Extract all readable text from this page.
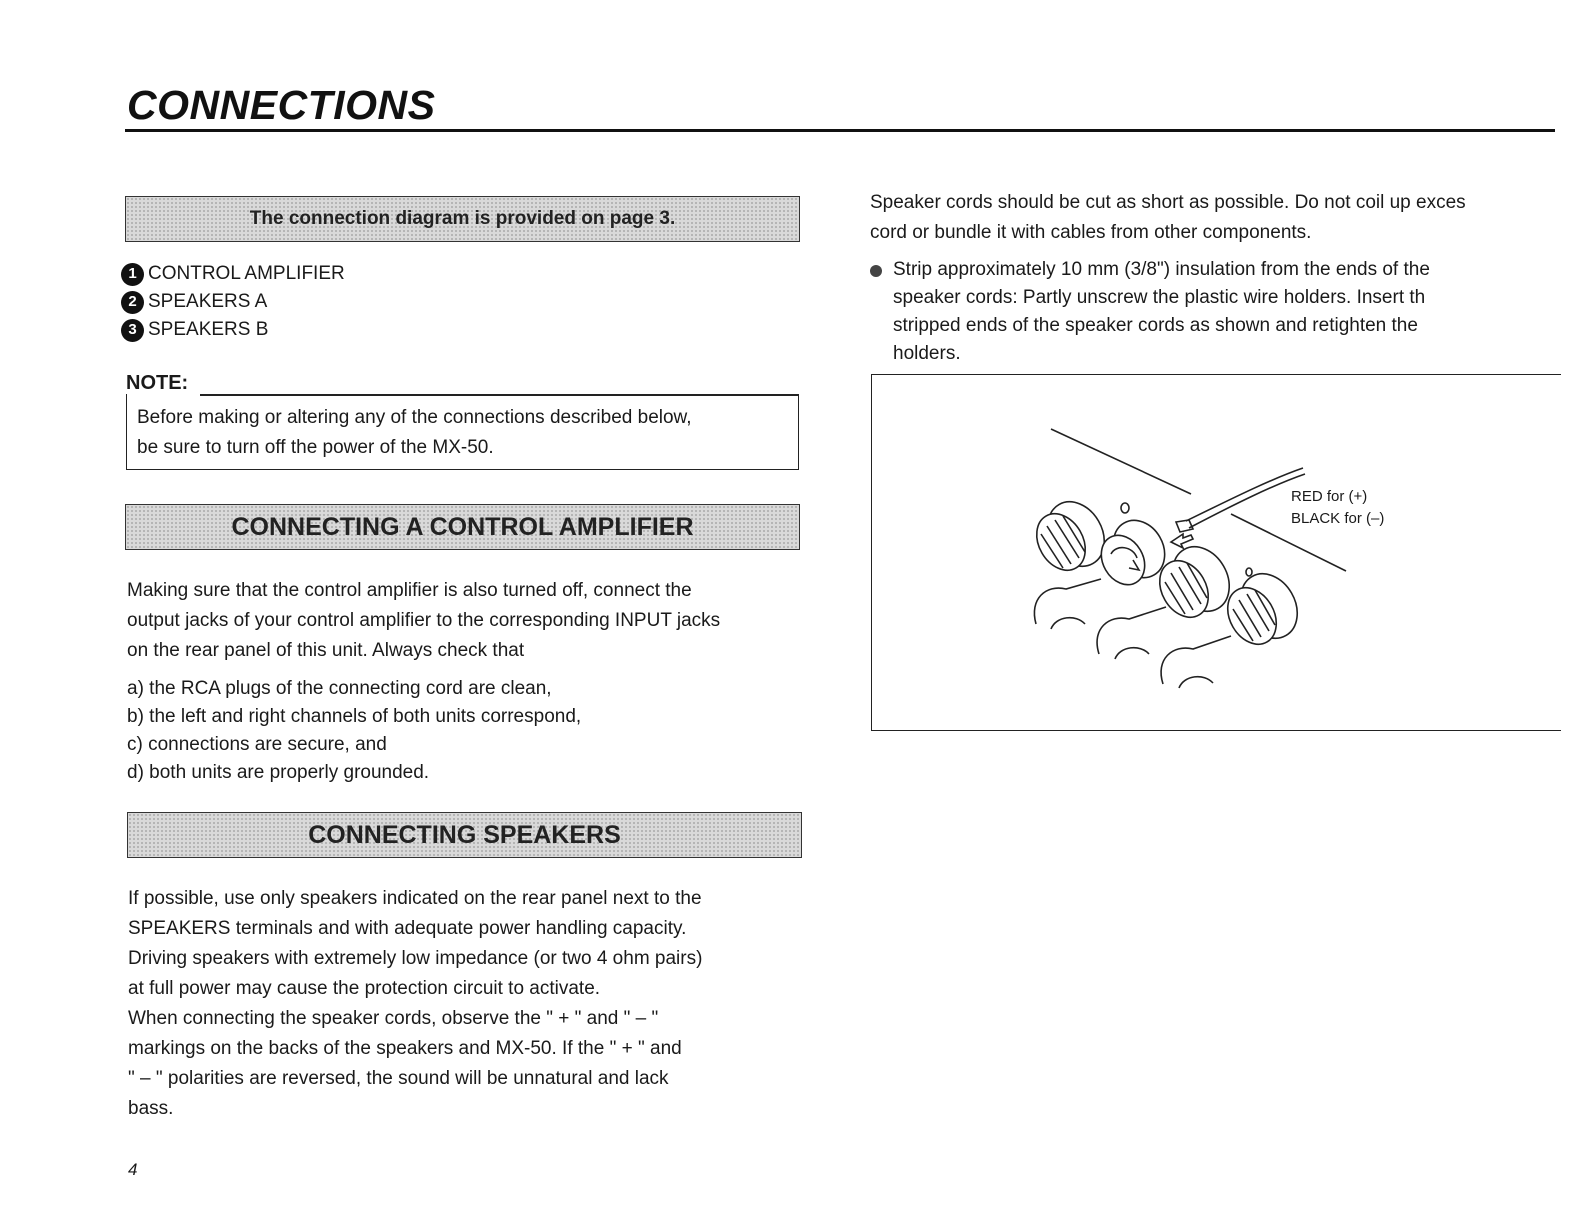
CONNECTIONS
The connection diagram is provided on page 3.
1 CONTROL AMPLIFIER
2 SPEAKERS A
3 SPEAKERS B
NOTE:
Before making or altering any of the connections described below,
be sure to turn off the power of the MX-50.
CONNECTING A CONTROL AMPLIFIER
Making sure that the control amplifier is also turned off, connect the
output jacks of your control amplifier to the corresponding INPUT jacks
on the rear panel of this unit. Always check that
a) the RCA plugs of the connecting cord are clean,
b) the left and right channels of both units correspond,
c) connections are secure, and
d) both units are properly grounded.
CONNECTING SPEAKERS
If possible, use only speakers indicated on the rear panel next to the
SPEAKERS terminals and with adequate power handling capacity.
Driving speakers with extremely low impedance (or two 4 ohm pairs)
at full power may cause the protection circuit to activate.
When connecting the speaker cords, observe the " + " and " – "
markings on the backs of the speakers and MX-50. If the " + " and
" – " polarities are reversed, the sound will be unnatural and lack
bass.
4
Speaker cords should be cut as short as possible. Do not coil up exces
cord or bundle it with cables from other components.
Strip approximately 10 mm (3/8") insulation from the ends of the
speaker cords: Partly unscrew the plastic wire holders. Insert th
stripped ends of the speaker cords as shown and retighten the
holders.
RED for (+)
BLACK for (–)
